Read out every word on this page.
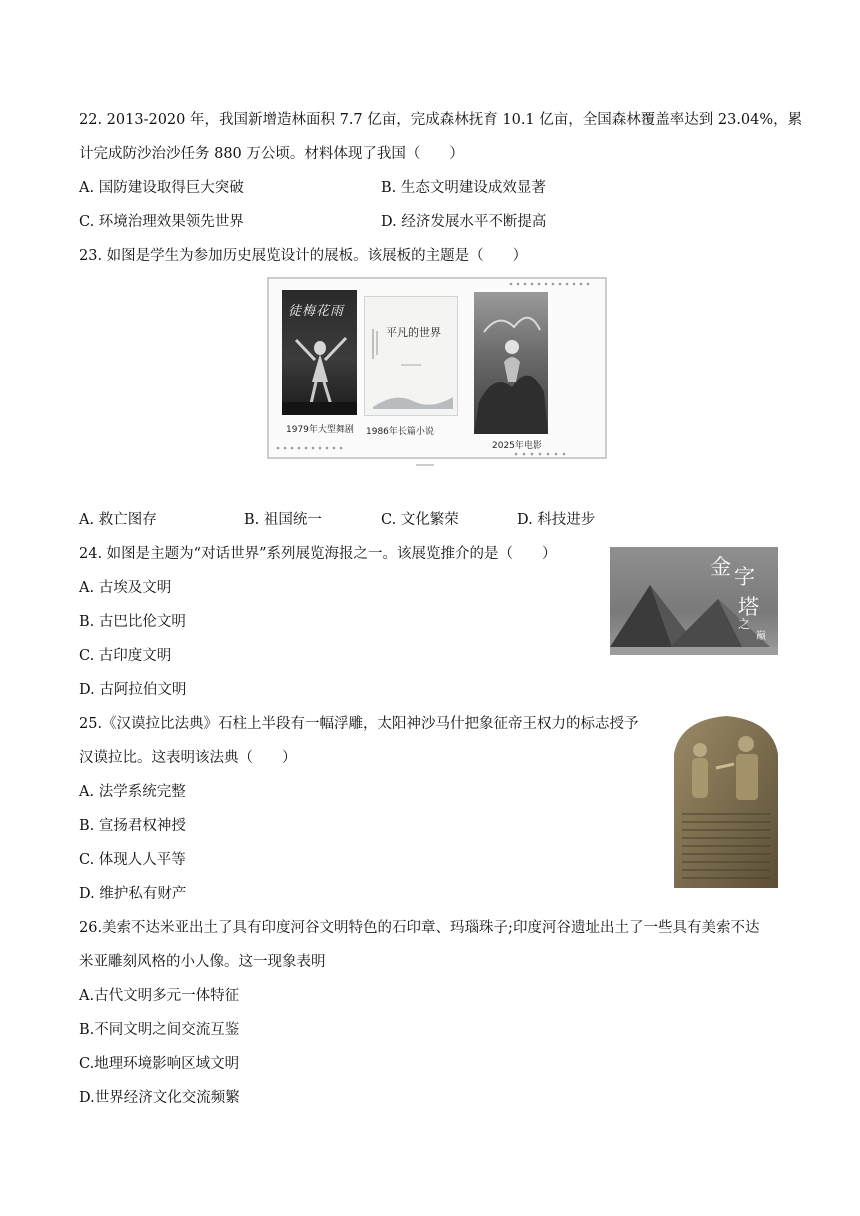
22. 2013-2020 年，我国新增造林面积 7.7 亿亩，完成森林抚育 10.1 亿亩，全国森林覆盖率达到 23.04%，累
计完成防沙治沙任务 880 万公顷。材料体现了我国（　　）
A. 国防建设取得巨大突破	B. 生态文明建设成效显著
C. 环境治理效果领先世界	D. 经济发展水平不断提高
23. 如图是学生为参加历史展览设计的展板。该展板的主题是（　　）
徒梅花雨
1979年大型舞剧
平凡的世界
1986年长篇小说
2025年电影
A. 救亡图存	B. 祖国统一	C. 文化繁荣	D. 科技进步
24. 如图是主题为“对话世界”系列展览海报之一。该展览推介的是（　　）
A. 古埃及文明
B. 古巴比伦文明
C. 古印度文明
D. 古阿拉伯文明
金 字
塔
之
巅
25.《汉谟拉比法典》石柱上半段有一幅浮雕，太阳神沙马什把象征帝王权力的标志授予
汉谟拉比。这表明该法典（　　）
A. 法学系统完整
B. 宣扬君权神授
C. 体现人人平等
D. 维护私有财产
26.美索不达米亚出土了具有印度河谷文明特色的石印章、玛瑙珠子;印度河谷遗址出土了一些具有美索不达
米亚雕刻风格的小人像。这一现象表明
A.古代文明多元一体特征
B.不同文明之间交流互鉴
C.地理环境影响区域文明
D.世界经济文化交流频繁
